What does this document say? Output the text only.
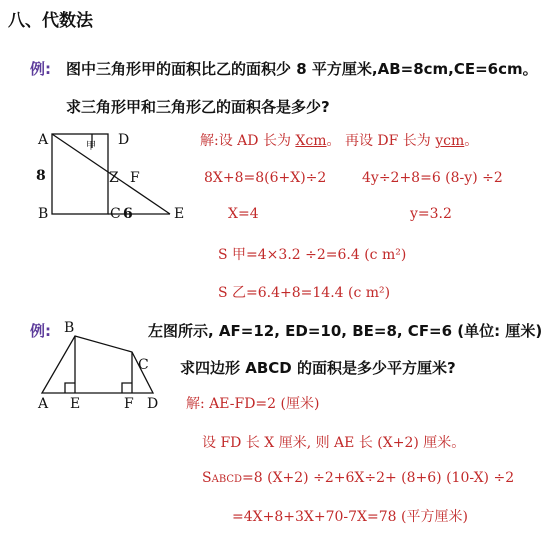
八、代数法
例: 图中三角形甲的面积比乙的面积少 8 平方厘米,AB=8cm,CE=6cm。
求三角形甲和三角形乙的面积各是多少?
A	D
甲
8	Z F
B	C 6	E
解:设 AD 长为 Xcm。 再设 DF 长为 ycm。
8X+8=8(6+X)÷2	4y÷2+8=6 (8-y) ÷2
X=4	y=3.2
S 甲=4×3.2 ÷2=6.4 (c m²)
S 乙=6.4+8=14.4 (c m²)
例: B	左图所示, AF=12, ED=10, BE=8, CF=6 (单位: 厘米)
C 求四边形 ABCD 的面积是多少平方厘米?
A E	F D 解: AE-FD=2 (厘米)
设 FD 长 X 厘米, 则 AE 长 (X+2) 厘米。
SABCD=8 (X+2) ÷2+6X÷2+ (8+6) (10-X) ÷2
=4X+8+3X+70-7X=78 (平方厘米)
